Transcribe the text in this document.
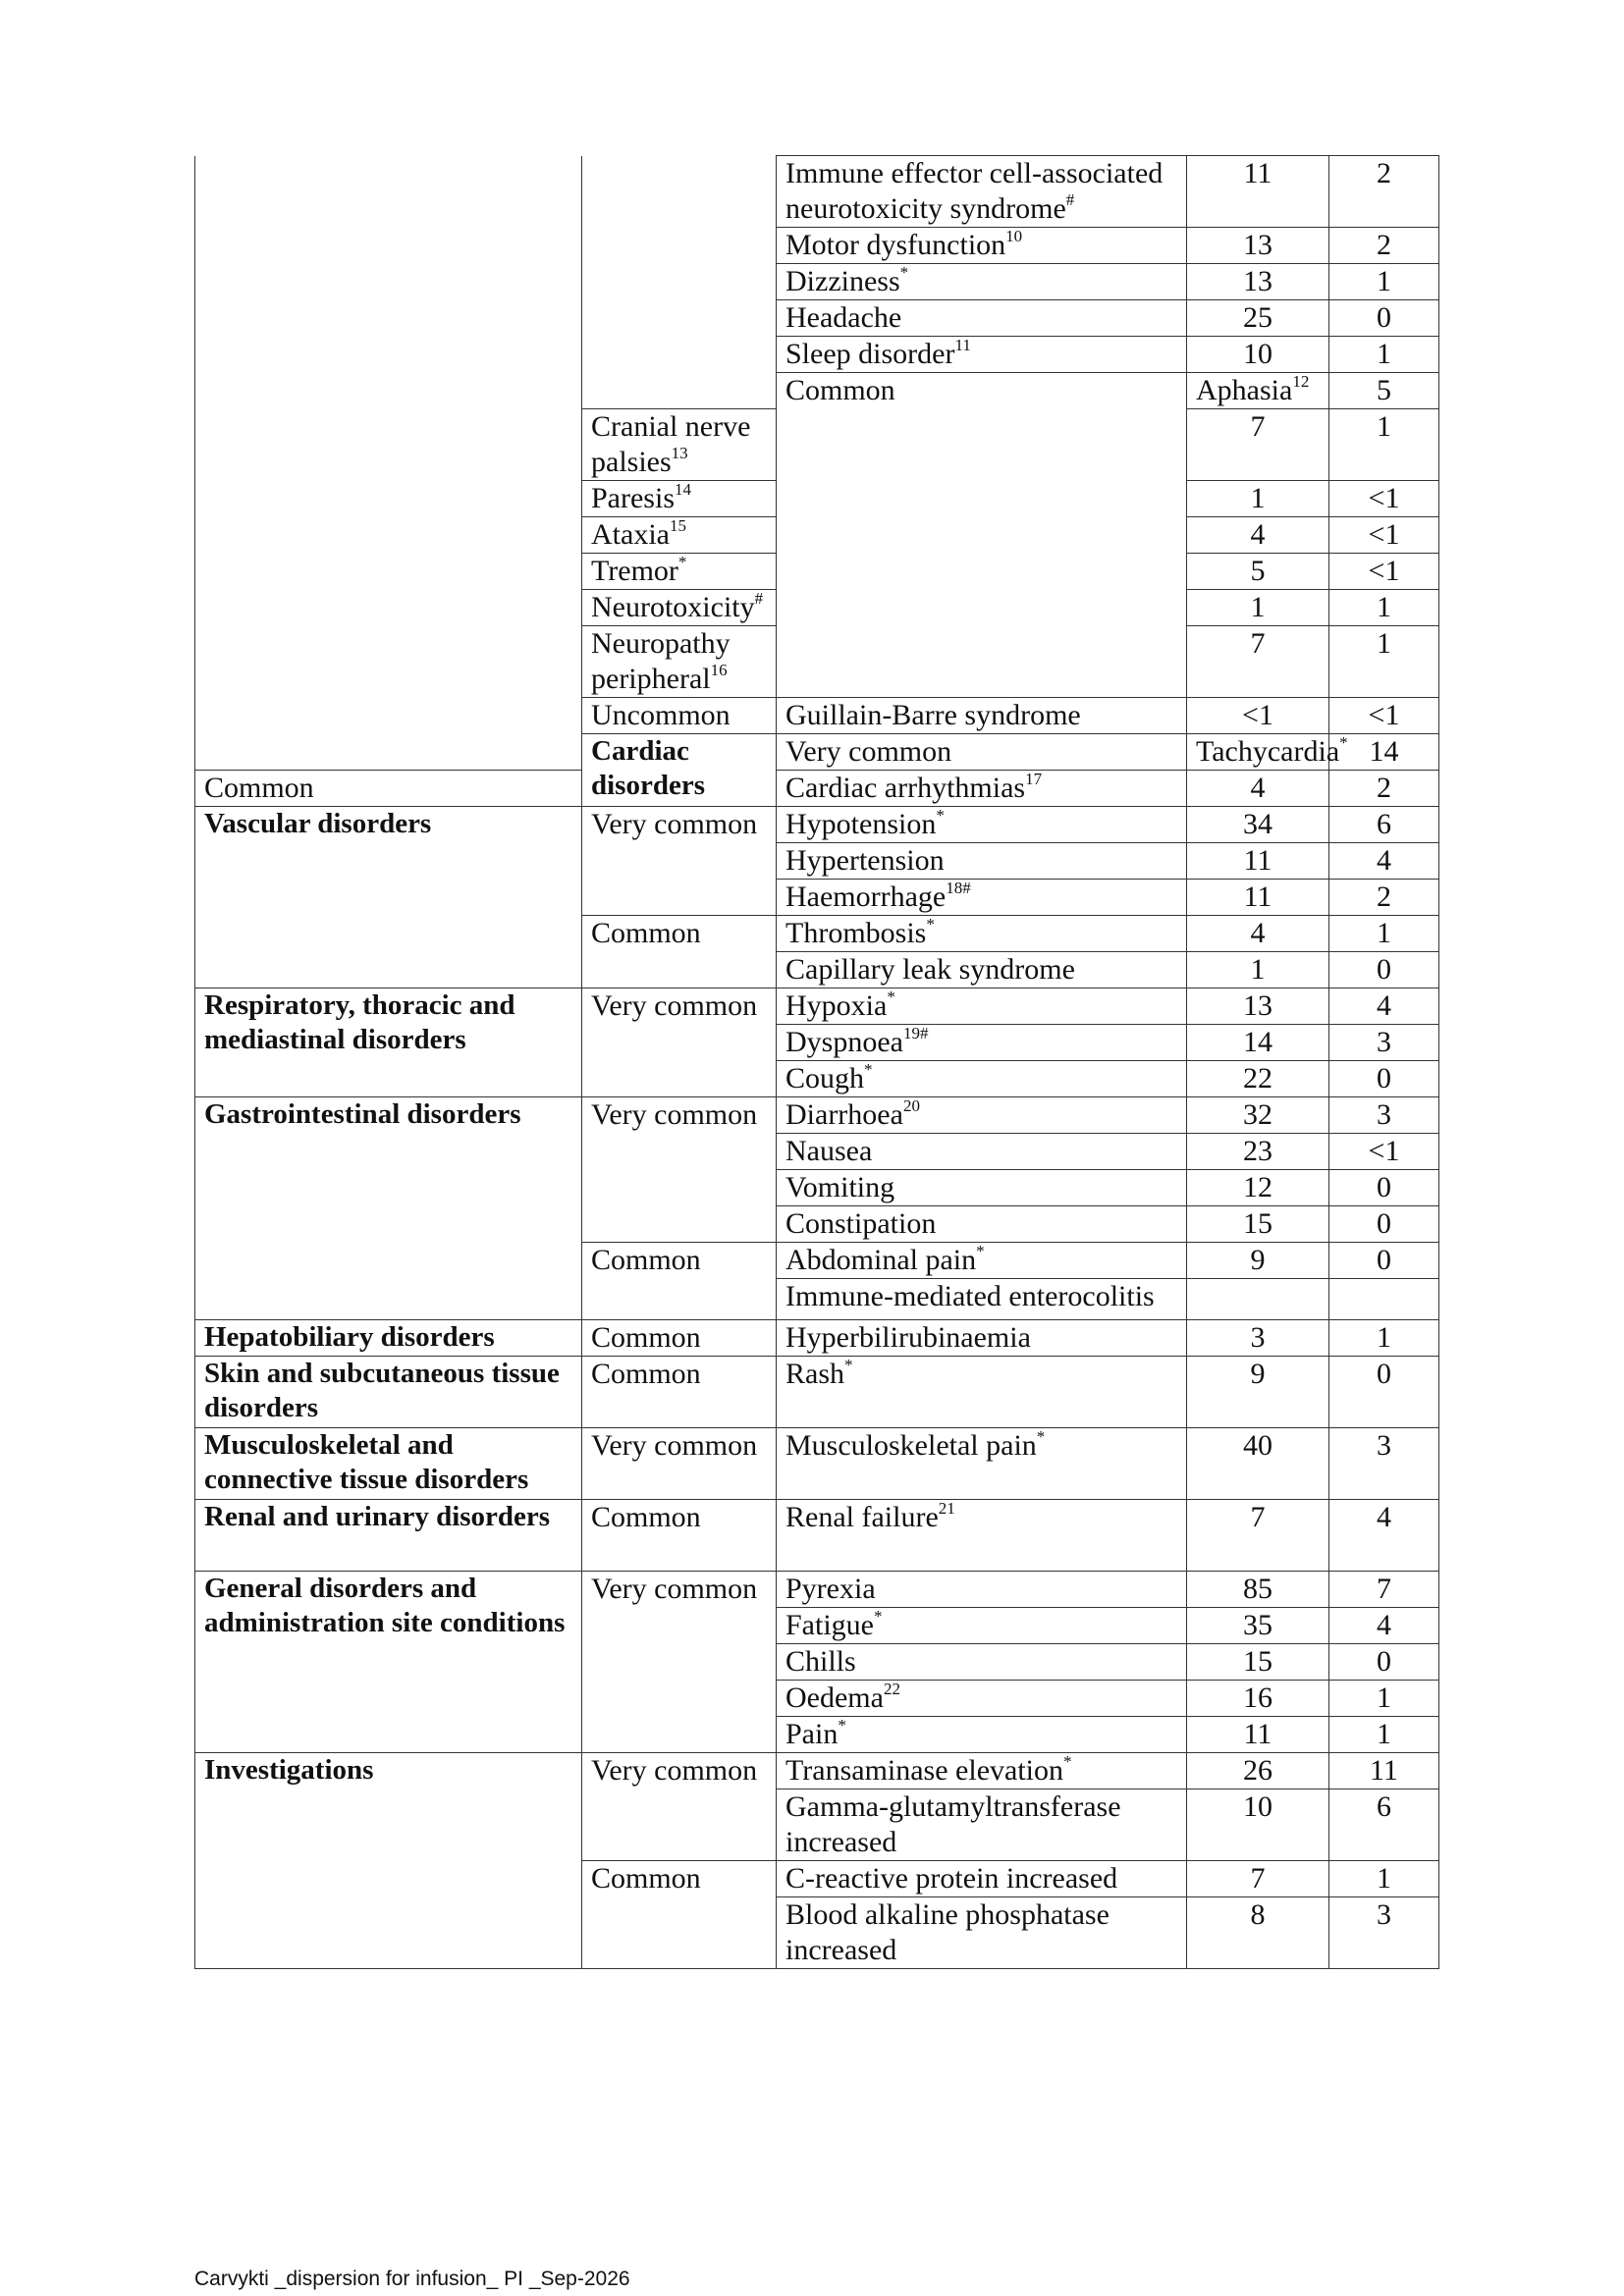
		Immune effector cell-associated neurotoxicity syndrome#	11	2	
		Motor dysfunction$^{10}$	13	2	
		Dizziness*	13	1	
		Headache	25	0	
		Sleep disorder$^{11}$	10	1	
		Common	Aphasia$^{12}$	5	
	Cranial nerve palsies$^{13}$		7	1	
	Paresis$^{14}$		1	<1	
	Ataxia$^{15}$		4	<1	
	Tremor*		5	<1	
	Neurotoxicity#		1	1	
	Neuropathy peripheral$^{16}$		7	1	
	Uncommon	Guillain-Barre syndrome	<1	<1	
	Cardiac disorders	Very common	Tachycardia*	14	
Common		Cardiac arrhythmias$^{17}$	4	2	
Vascular disorders	Very common	Hypotension*	34	6	
		Hypertension	11	4	
		Haemorrhage$^{18\#}$	11	2	
	Common	Thrombosis*	4	1	
		Capillary leak syndrome	1	0	
Respiratory, thoracic and mediastinal disorders	Very common	Hypoxia*	13	4	
		Dyspnoea$^{19\#}$	14	3	
		Cough*	22	0	
Gastrointestinal disorders	Very common	Diarrhoea$^{20}$	32	3	
		Nausea	23	<1	
		Vomiting	12	0	
		Constipation	15	0	
	Common	Abdominal pain*	9	0	
		Immune-mediated enterocolitis			
Hepatobiliary disorders	Common	Hyperbilirubinaemia	3	1	
Skin and subcutaneous tissue disorders	Common	Rash*	9	0	
Musculoskeletal and connective tissue disorders	Very common	Musculoskeletal pain*	40	3	
Renal and urinary disorders	Common	Renal failure$^{21}$	7	4	
General disorders and administration site conditions	Very common	Pyrexia	85	7	
		Fatigue*	35	4	
		Chills	15	0	
		Oedema$^{22}$	16	1	
		Pain*	11	1	
Investigations	Very common	Transaminase elevation*	26	11	
		Gamma-glutamyltransferase increased	10	6	
	Common	C-reactive protein increased	7	1	
		Blood alkaline phosphatase increased	8	3	
Carvykti _dispersion for infusion_ PI _Sep-2026
